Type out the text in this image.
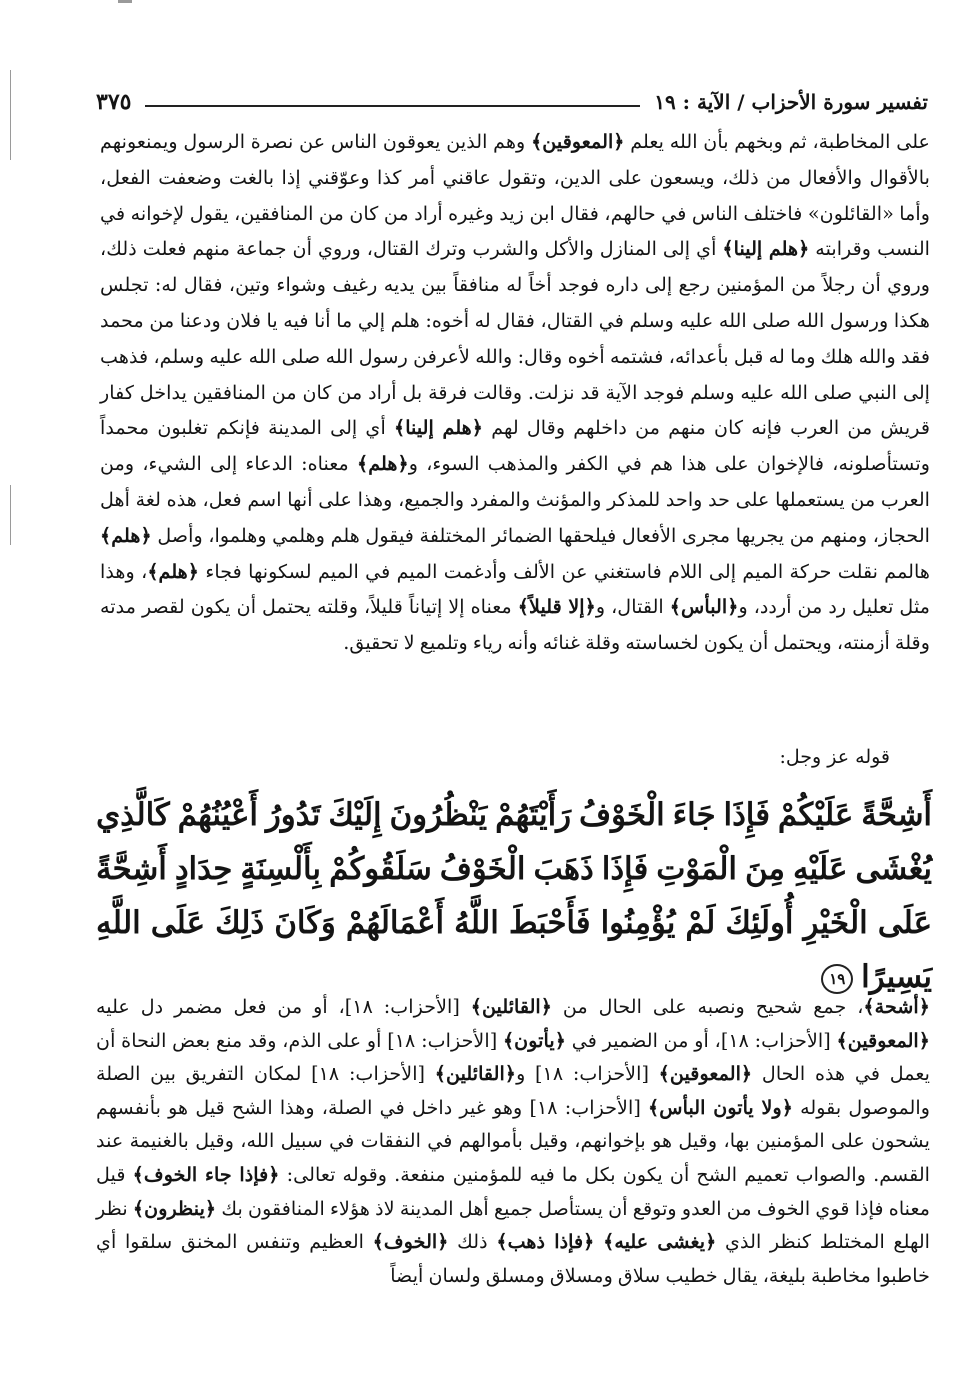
تفسير سورة الأحزاب / الآية : ١٩
٣٧٥

على المخاطبة، ثم وبخهم بأن الله يعلم ﴿المعوقين﴾ وهم الذين يعوقون الناس عن نصرة الرسول ويمنعونهم بالأقوال والأفعال من ذلك، ويسعون على الدين، وتقول عاقني أمر كذا وعوّقني إذا بالغت وضعفت الفعل، وأما «القائلون» فاختلف الناس في حالهم، فقال ابن زيد وغيره أراد من كان من المنافقين، يقول لإخوانه في النسب وقرابته ﴿هلم إلينا﴾ أي إلى المنازل والأكل والشرب وترك القتال، وروي أن جماعة منهم فعلت ذلك، وروي أن رجلاً من المؤمنين رجع إلى داره فوجد أخاً له منافقاً بين يديه رغيف وشواء وتين، فقال له: تجلس هكذا ورسول الله صلى الله عليه وسلم في القتال، فقال له أخوه: هلم إلي ما أنا فيه يا فلان ودعنا من محمد فقد والله هلك وما له قبل بأعدائه، فشتمه أخوه وقال: والله لأعرفن رسول الله صلى الله عليه وسلم، فذهب إلى النبي صلى الله عليه وسلم فوجد الآية قد نزلت. وقالت فرقة بل أراد من كان من المنافقين يداخل كفار قريش من العرب فإنه كان منهم من داخلهم وقال لهم ﴿هلم إلينا﴾ أي إلى المدينة فإنكم تغلبون محمداً وتستأصلونه، فالإخوان على هذا هم في الكفر والمذهب السوء، و﴿هلم﴾ معناه: الدعاء إلى الشيء، ومن العرب من يستعملها على حد واحد للمذكر والمؤنث والمفرد والجميع، وهذا على أنها اسم فعل، هذه لغة أهل الحجاز، ومنهم من يجريها مجرى الأفعال فيلحقها الضمائر المختلفة فيقول هلم وهلمي وهلموا، وأصل ﴿هلم﴾ هالمم نقلت حركة الميم إلى اللام فاستغني عن الألف وأدغمت الميم في الميم لسكونها فجاء ﴿هلم﴾، وهذا مثل تعليل رد من أردد، و﴿البأس﴾ القتال، و﴿إلا قليلاً﴾ معناه إلا إتياناً قليلاً، وقلته يحتمل أن يكون لقصر مدته وقلة أزمنته، ويحتمل أن يكون لخساسته وقلة غنائه وأنه رياء وتلميع لا تحقيق.

قوله عز وجل:
أَشِحَّةً عَلَيْكُمْ فَإِذَا جَاءَ الْخَوْفُ رَأَيْتَهُمْ يَنْظُرُونَ إِلَيْكَ تَدُورُ أَعْيُنُهُمْ كَالَّذِي يُغْشَى عَلَيْهِ مِنَ الْمَوْتِ فَإِذَا ذَهَبَ الْخَوْفُ سَلَقُوكُمْ بِأَلْسِنَةٍ حِدَادٍ أَشِحَّةً عَلَى الْخَيْرِ أُولَئِكَ لَمْ يُؤْمِنُوا فَأَحْبَطَ اللَّهُ أَعْمَالَهُمْ وَكَانَ ذَلِكَ عَلَى اللَّهِ يَسِيرًا ١٩

﴿أشحة﴾، جمع شحيح ونصبه على الحال من ﴿القائلين﴾ [الأحزاب: ١٨]، أو من فعل مضمر دل عليه ﴿المعوقين﴾ [الأحزاب: ١٨]، أو من الضمير في ﴿يأتون﴾ [الأحزاب: ١٨] أو على الذم، وقد منع بعض النحاة أن يعمل في هذه الحال ﴿المعوقين﴾ [الأحزاب: ١٨] و﴿القائلين﴾ [الأحزاب: ١٨] لمكان التفريق بين الصلة والموصول بقوله ﴿ولا يأتون البأس﴾ [الأحزاب: ١٨] وهو غير داخل في الصلة، وهذا الشح قيل هو بأنفسهم يشحون على المؤمنين بها، وقيل هو بإخوانهم، وقيل بأموالهم في النفقات في سبيل الله، وقيل بالغنيمة عند القسم. والصواب تعميم الشح أن يكون بكل ما فيه للمؤمنين منفعة. وقوله تعالى: ﴿فإذا جاء الخوف﴾ قيل معناه فإذا قوي الخوف من العدو وتوقع أن يستأصل جميع أهل المدينة لاذ هؤلاء المنافقون بك ﴿ينظرون﴾ نظر الهلع المختلط كنظر الذي ﴿يغشى عليه﴾ ﴿فإذا ذهب﴾ ذلك ﴿الخوف﴾ العظيم وتنفس المخنق سلقوا أي خاطبوا مخاطبة بليغة، يقال خطيب سلاق ومسلاق ومسلق ولسان أيضاً
